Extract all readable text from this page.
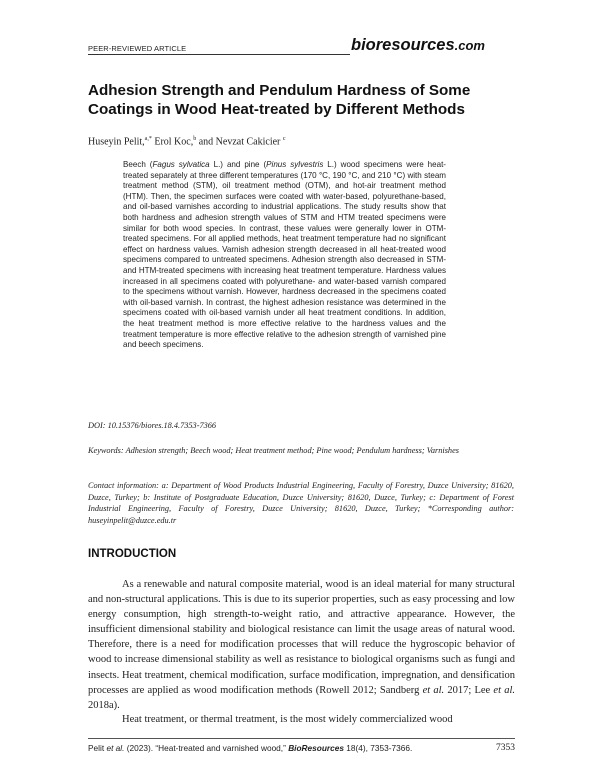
PEER-REVIEWED ARTICLE	bioresources.com
Adhesion Strength and Pendulum Hardness of Some Coatings in Wood Heat-treated by Different Methods
Huseyin Pelit,$^{a,*}$ Erol Koc,$^b$ and Nevzat Cakicier $^c$

Beech (Fagus sylvatica L.) and pine (Pinus sylvestris L.) wood specimens were heat-treated separately at three different temperatures (170 °C, 190 °C, and 210 °C) with steam treatment method (STM), oil treatment method (OTM), and hot-air treatment method (HTM). Then, the specimen surfaces were coated with water-based, polyurethane-based, and oil-based varnishes according to industrial applications. The study results show that both hardness and adhesion strength values of STM and HTM treated specimens were similar for both wood species. In contrast, these values were generally lower in OTM-treated specimens. For all applied methods, heat treatment temperature had no significant effect on hardness values. Varnish adhesion strength decreased in all heat-treated wood specimens compared to untreated specimens. Adhesion strength also decreased in STM- and HTM-treated specimens with increasing heat treatment temperature. Hardness values increased in all specimens coated with polyurethane- and water-based varnish compared to the specimens without varnish. However, hardness decreased in the specimens coated with oil-based varnish. In contrast, the highest adhesion resistance was determined in the specimens coated with oil-based varnish under all heat treatment conditions. In addition, the heat treatment method is more effective relative to the hardness values and the treatment temperature is more effective relative to the adhesion strength of varnished pine and beech specimens.

DOI: 10.15376/biores.18.4.7353-7366

Keywords: Adhesion strength; Beech wood; Heat treatment method; Pine wood; Pendulum hardness; Varnishes

Contact information: a: Department of Wood Products Industrial Engineering, Faculty of Forestry, Duzce University; 81620, Duzce, Turkey; b: Institute of Postgraduate Education, Duzce University; 81620, Duzce, Turkey; c: Department of Forest Industrial Engineering, Faculty of Forestry, Duzce University; 81620, Duzce, Turkey; *Corresponding author: huseyinpelit@duzce.edu.tr

INTRODUCTION

As a renewable and natural composite material, wood is an ideal material for many structural and non-structural applications. This is due to its superior properties, such as easy processing and low energy consumption, high strength-to-weight ratio, and attractive appearance. However, the insufficient dimensional stability and biological resistance can limit the usage areas of natural wood. Therefore, there is a need for modification processes that will reduce the hygroscopic behavior of wood to increase dimensional stability as well as resistance to biological organisms such as fungi and insects. Heat treatment, chemical modification, surface modification, impregnation, and densification processes are applied as wood modification methods (Rowell 2012; Sandberg et al. 2017; Lee et al. 2018a).

Heat treatment, or thermal treatment, is the most widely commercialized wood

Pelit et al. (2023). “Heat-treated and varnished wood,” BioResources 18(4), 7353-7366.	7353
